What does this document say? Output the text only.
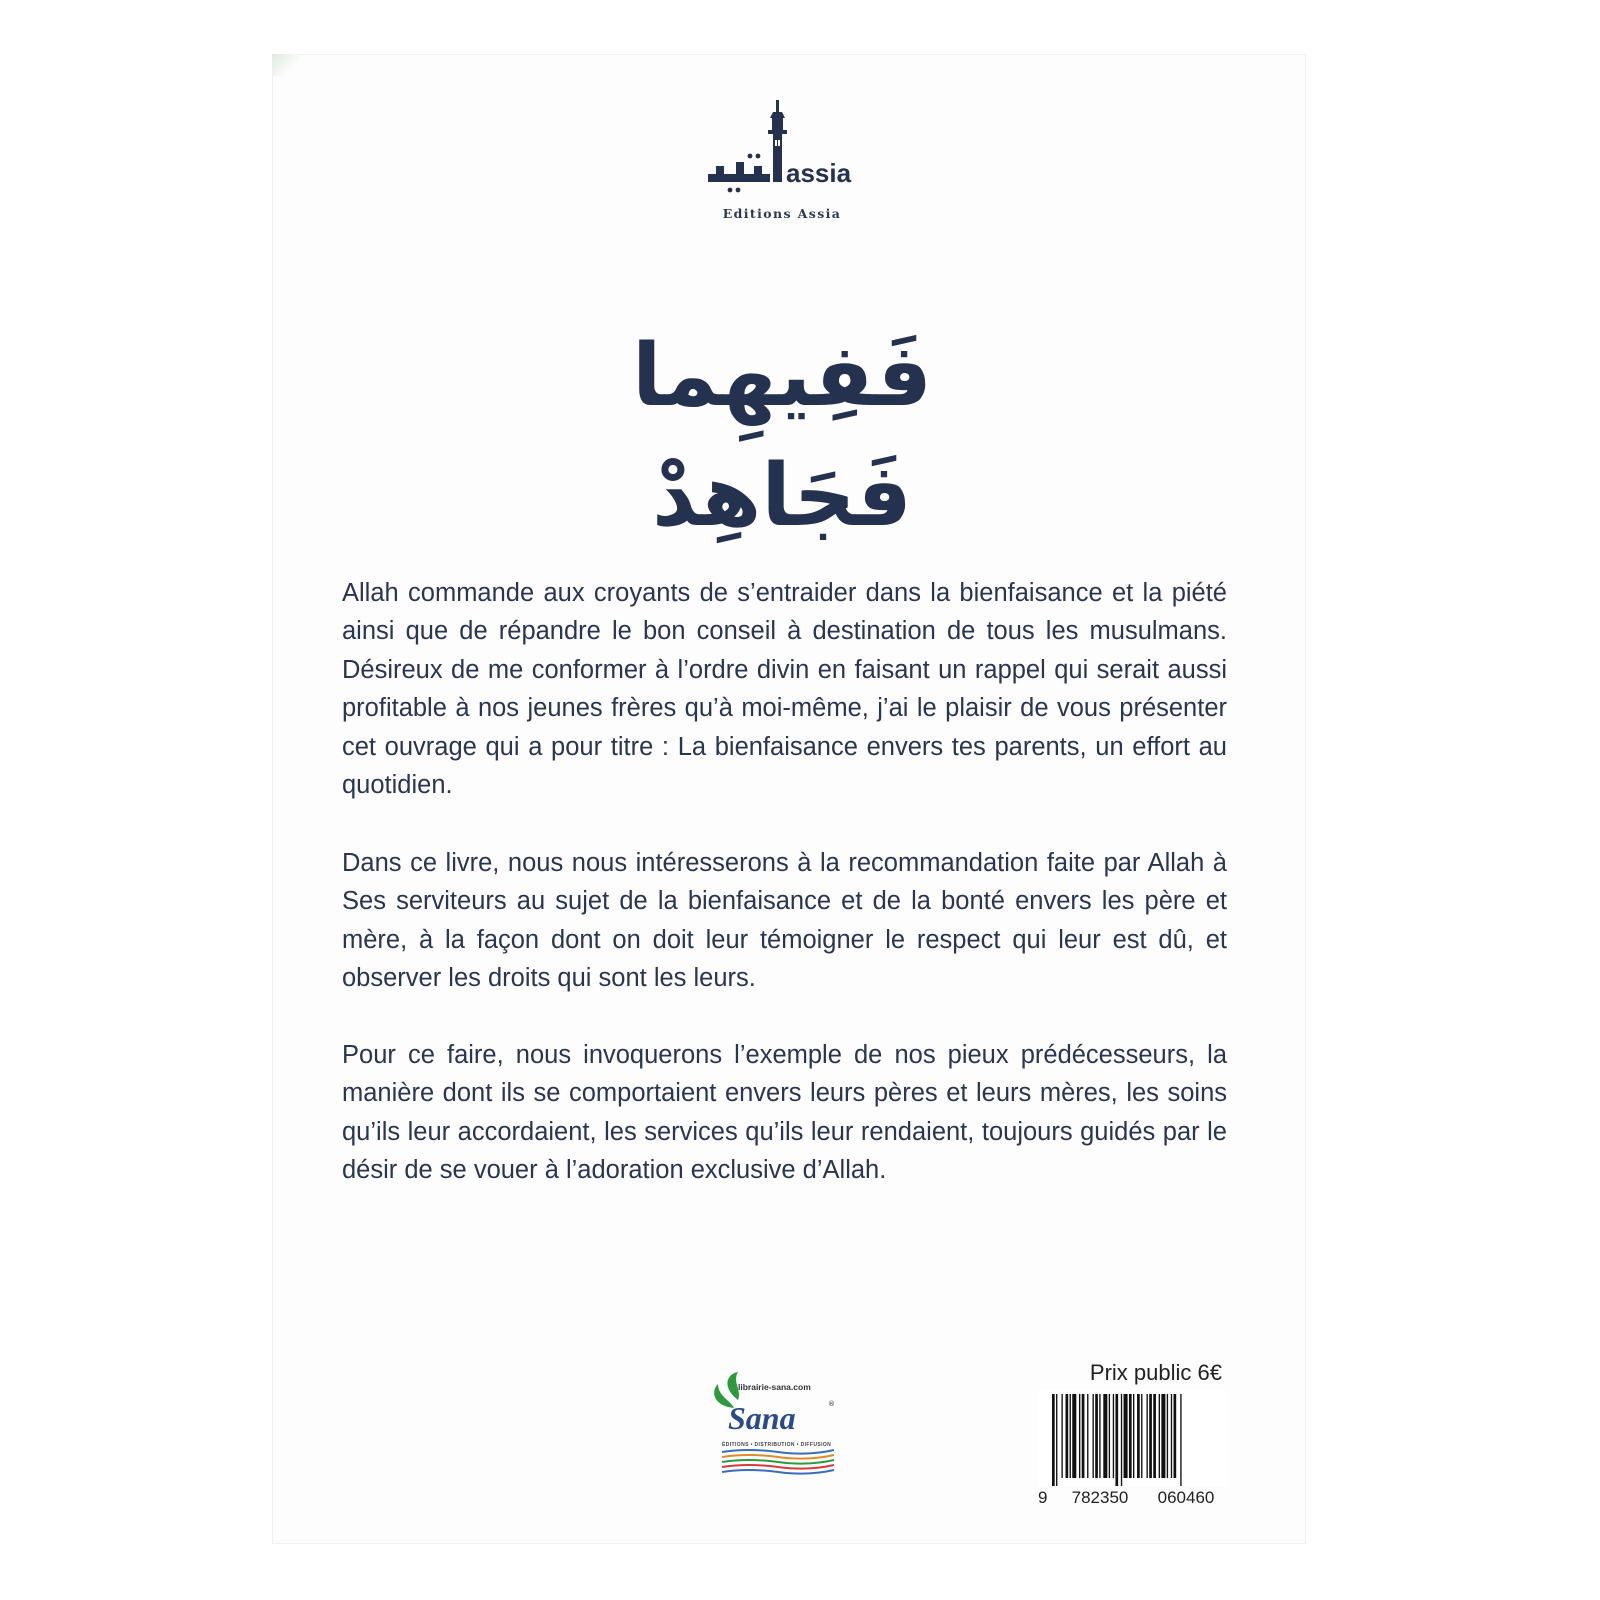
assia
Editions Assia
فَفِيهِما فَجَاهِدْ

Allah commande aux croyants de s’entraider dans la bienfaisance et la piété ainsi que de répandre le bon conseil à destination de tous les musulmans. Désireux de me conformer à l’ordre divin en faisant un rappel qui serait aussi profitable à nos jeunes frères qu’à moi-même, j’ai le plaisir de vous présenter cet ouvrage qui a pour titre : La bienfaisance envers tes parents, un effort au quotidien.

Dans ce livre, nous nous intéresserons à la recommandation faite par Allah à Ses serviteurs au sujet de la bienfaisance et de la bonté envers les père et mère, à la façon dont on doit leur témoigner le respect qui leur est dû, et observer les droits qui sont les leurs.

Pour ce faire, nous invoquerons l’exemple de nos pieux prédécesseurs, la manière dont ils se comportaient envers leurs pères et leurs mères, les soins qu’ils leur accordaient, les services qu’ils leur rendaient, toujours guidés par le désir de se vouer à l’adoration exclusive d’Allah.

librairie-sana.com
Sana	®
ÉDITIONS • DISTRIBUTION • DIFFUSION
Prix public 6€
9	782350	060460
